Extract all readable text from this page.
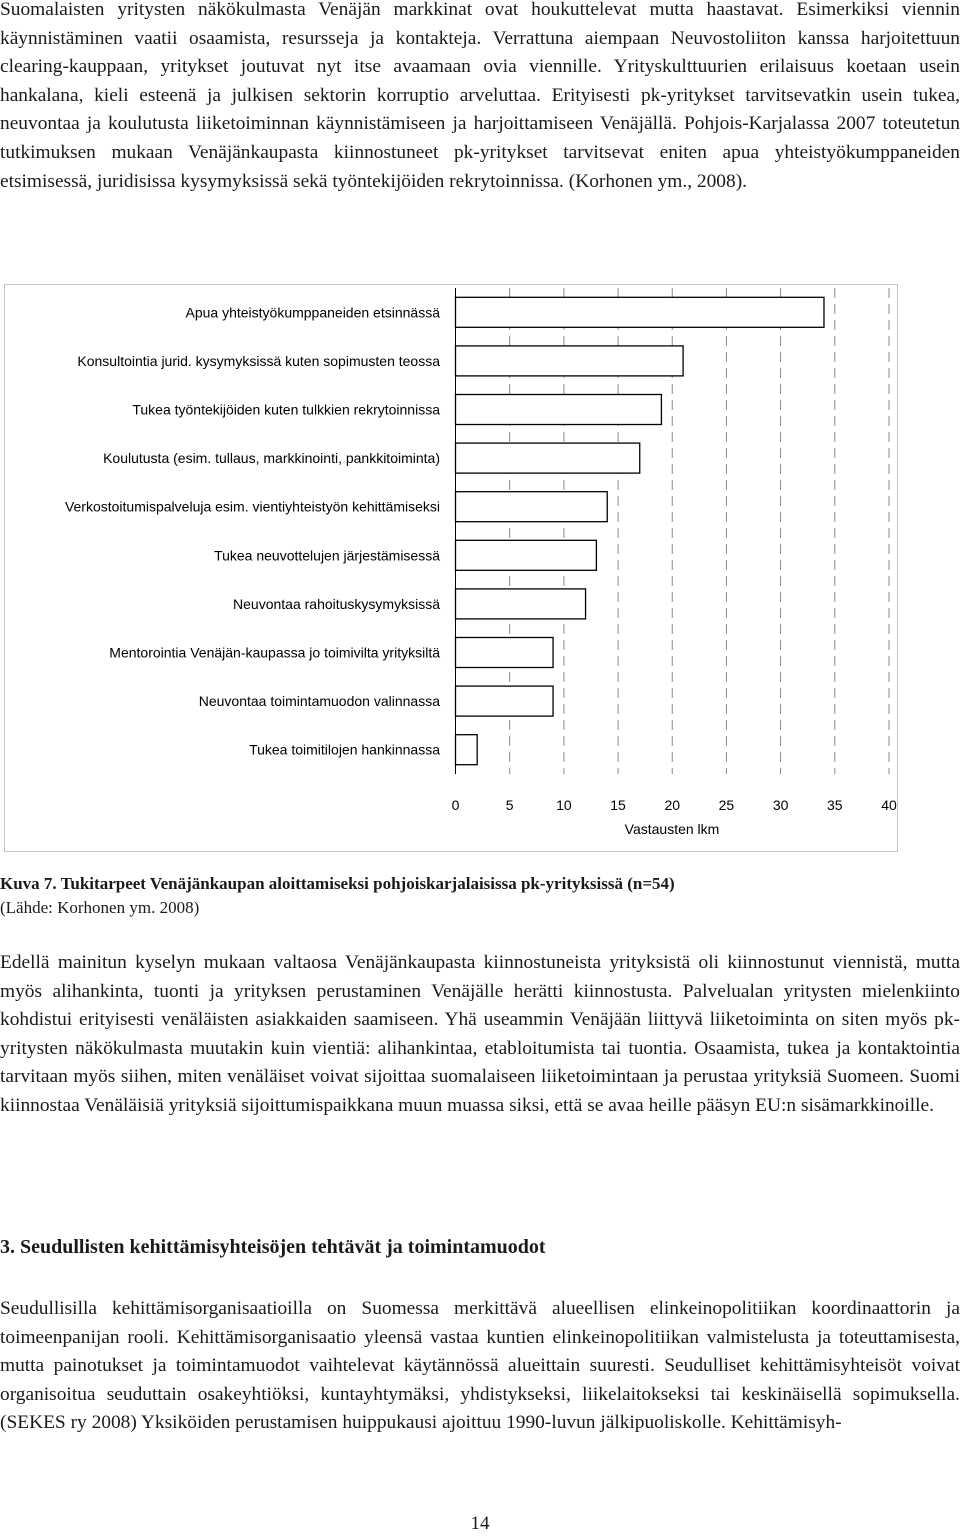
Suomalaisten yritysten näkökulmasta Venäjän markkinat ovat houkuttelevat mutta haastavat. Esimerkiksi viennin käynnistäminen vaatii osaamista, resursseja ja kontakteja. Verrattuna aiempaan Neuvostoliiton kanssa harjoitettuun clearing-kauppaan, yritykset joutuvat nyt itse avaamaan ovia viennille. Yrityskulttuurien erilaisuus koetaan usein hankalana, kieli esteenä ja julkisen sektorin korruptio arveluttaa. Erityisesti pk-yritykset tarvitsevatkin usein tukea, neuvontaa ja koulutusta liiketoiminnan käynnistämiseen ja harjoittamiseen Venäjällä. Pohjois-Karjalassa 2007 toteutetun tutkimuksen mukaan Venäjänkaupasta kiinnostuneet pk-yritykset tarvitsevat eniten apua yhteistyökumppaneiden etsimisessä, juridisissa kysymyksissä sekä työntekijöiden rekrytoinnissa. (Korhonen ym., 2008).

Apua yhteistyökumppaneiden etsinnässä
Konsultointia jurid. kysymyksissä kuten sopimusten teossa
Tukea työntekijöiden kuten tulkkien rekrytoinnissa
Koulutusta (esim. tullaus, markkinointi, pankkitoiminta)
Verkostoitumispalveluja esim. vientiyhteistyön kehittämiseksi
Tukea neuvottelujen järjestämisessä
Neuvontaa rahoituskysymyksissä
Mentorointia Venäjän-kaupassa jo toimivilta yrityksiltä
Neuvontaa toimintamuodon valinnassa
Tukea toimitilojen hankinnassa
0	5	10	15	20	25	30	35	40
Vastausten lkm
Kuva 7. Tukitarpeet Venäjänkaupan aloittamiseksi pohjoiskarjalaisissa pk-yrityksissä (n=54)
(Lähde: Korhonen ym. 2008)

Edellä mainitun kyselyn mukaan valtaosa Venäjänkaupasta kiinnostuneista yrityksistä oli kiinnostunut viennistä, mutta myös alihankinta, tuonti ja yrityksen perustaminen Venäjälle herätti kiinnostusta. Palvelualan yritysten mielenkiinto kohdistui erityisesti venäläisten asiakkaiden saamiseen. Yhä useammin Venäjään liittyvä liiketoiminta on siten myös pk-yritysten näkökulmasta muutakin kuin vientiä: alihankintaa, etabloitumista tai tuontia. Osaamista, tukea ja kontaktointia tarvitaan myös siihen, miten venäläiset voivat sijoittaa suomalaiseen liiketoimintaan ja perustaa yrityksiä Suomeen. Suomi kiinnostaa Venäläisiä yrityksiä sijoittumispaikkana muun muassa siksi, että se avaa heille pääsyn EU:n sisämarkkinoille.

3. Seudullisten kehittämisyhteisöjen tehtävät ja toimintamuodot

Seudullisilla kehittämisorganisaatioilla on Suomessa merkittävä alueellisen elinkeinopolitiikan koordinaattorin ja toimeenpanijan rooli. Kehittämisorganisaatio yleensä vastaa kuntien elinkeinopolitiikan valmistelusta ja toteuttamisesta, mutta painotukset ja toimintamuodot vaihtelevat käytännössä alueittain suuresti. Seudulliset kehittämisyhteisöt voivat organisoitua seuduttain osakeyhtiöksi, kuntayhtymäksi, yhdistykseksi, liikelaitokseksi tai keskinäisellä sopimuksella. (SEKES ry 2008) Yksiköiden perustamisen huippukausi ajoittuu 1990-luvun jälkipuoliskolle. Kehittämisyh-

14
